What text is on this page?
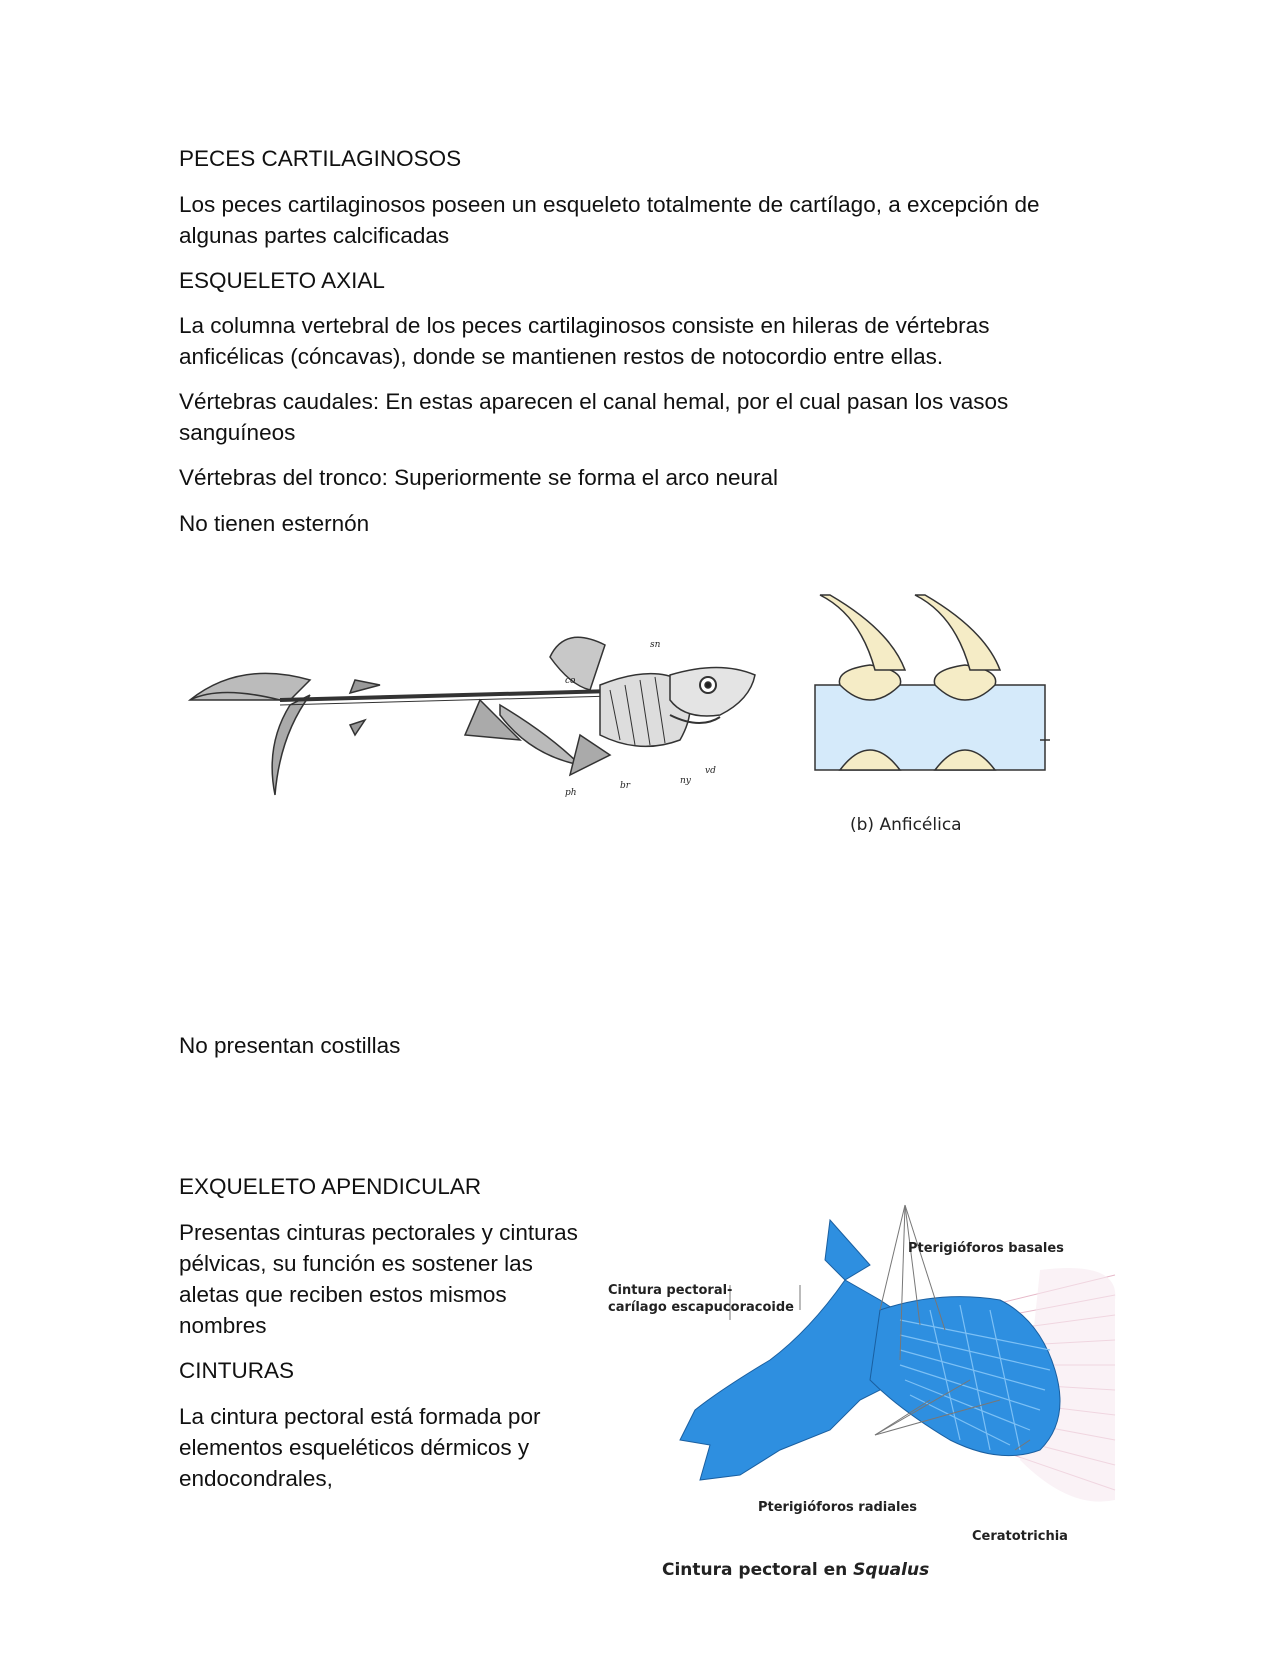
PECES CARTILAGINOSOS

Los peces cartilaginosos poseen un esqueleto totalmente de cartílago, a excepción de algunas partes calcificadas

ESQUELETO AXIAL

La columna vertebral de los peces cartilaginosos consiste en hileras de vértebras anficélicas (cóncavas), donde se mantienen restos de notocordio entre ellas.

Vértebras caudales: En estas aparecen el canal hemal, por el cual pasan los vasos sanguíneos

Vértebras del tronco: Superiormente se forma el arco neural

No tienen esternón

sn
co
ph
br	ny
vd
(b) Anficélica

No presentan costillas

EXQUELETO APENDICULAR

Presentas cinturas pectorales y cinturas pélvicas, su función es sostener las aletas que reciben estos mismos nombres

CINTURAS

La cintura pectoral está formada por elementos esqueléticos dérmicos y endocondrales,

Cintura pectoral-
carílago escapucoracoide
Pterigióforos basales
Pterigióforos radiales
Ceratotrichia
Cintura pectoral en Squalus
